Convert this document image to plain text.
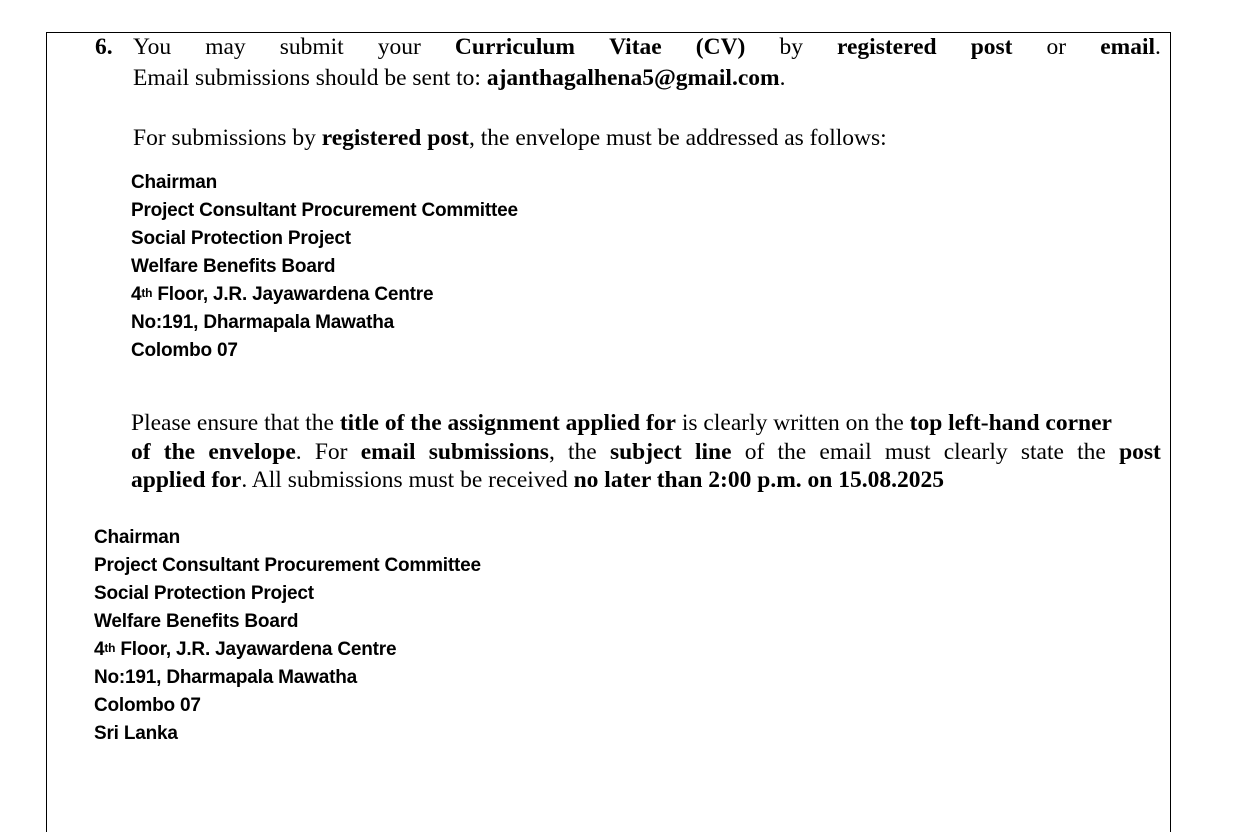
6. You may submit your Curriculum Vitae (CV) by registered post or email.
Email submissions should be sent to: ajanthagalhena5@gmail.com.
For submissions by registered post, the envelope must be addressed as follows:
Chairman
Project Consultant Procurement Committee
Social Protection Project
Welfare Benefits Board
4th Floor, J.R. Jayawardena Centre
No:191, Dharmapala Mawatha
Colombo 07
Please ensure that the title of the assignment applied for is clearly written on the top left-hand corner
of the envelope. For email submissions, the subject line of the email must clearly state the post
applied for. All submissions must be received no later than 2:00 p.m. on 15.08.2025
Chairman
Project Consultant Procurement Committee
Social Protection Project
Welfare Benefits Board
4th Floor, J.R. Jayawardena Centre
No:191, Dharmapala Mawatha
Colombo 07
Sri Lanka
